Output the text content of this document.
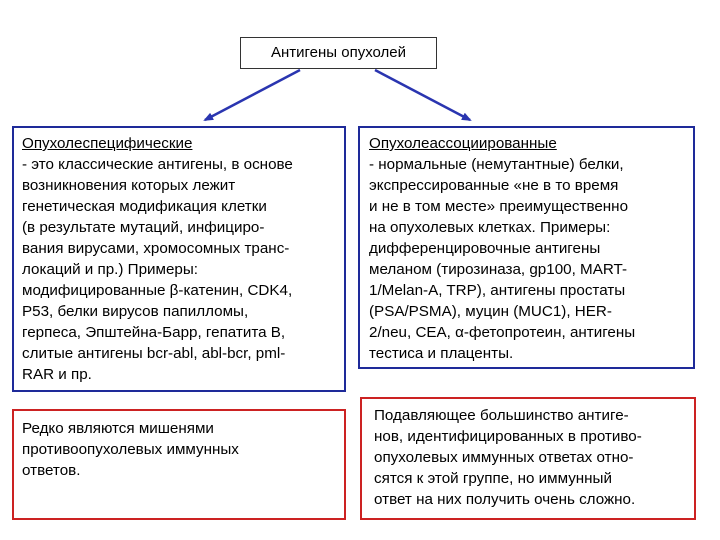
Антигены опухолей
Опухолеспецифические
- это классические антигены, в основе
возникновения которых лежит
генетическая модификация клетки
(в результате мутаций, инфициро-
вания вирусами, хромосомных транс-
локаций и пр.) Примеры:
модифицированные β-катенин, CDK4,
P53, белки вирусов папилломы,
герпеса, Эпштейна-Барр, гепатита В,
слитые антигены bcr-abl, abl-bcr, pml-
RAR и пр.
Опухолеассоциированные
- нормальные (немутантные) белки,
экспрессированные «не в то время
и не в том месте» преимущественно
на опухолевых клетках. Примеры:
дифференцировочные антигены
меланом (тирозиназа, gp100, MART-
1/Melan-A, TRP), антигены простаты
(PSA/PSMA), муцин (MUC1), HER-
2/neu, CEA, α-фетопротеин, антигены
тестиса и плаценты.
Редко являются мишенями
противоопухолевых иммунных
ответов.
Подавляющее большинство антиге-
нов, идентифицированных в противо-
опухолевых иммунных ответах отно-
сятся к этой группе, но иммунный
ответ на них получить очень сложно.
